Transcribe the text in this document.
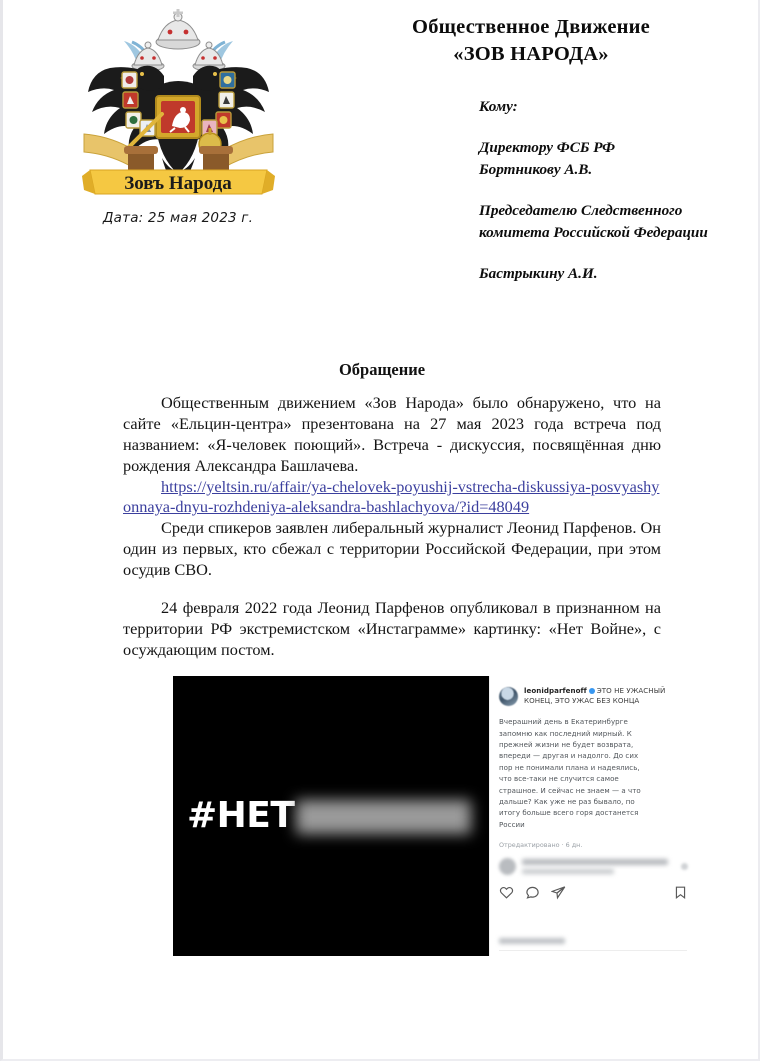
Зовъ Народа
Дата: 25 мая 2023 г.
Общественное Движение
«ЗОВ НАРОДА»
Кому:
Директору ФСБ РФ
Бортникову А.В.
Председателю Следственного
комитета Российской Федерации
Бастрыкину А.И.
Обращение

Общественным движением «Зов Народа» было обнаружено, что на сайте «Ельцин-центра» презентована на 27 мая 2023 года встреча под названием: «Я-человек поющий». Встреча - дискуссия, посвящённая дню рождения Александра Башлачева.

https://yeltsin.ru/affair/ya-chelovek-poyushij-vstrecha-diskussiya-posvyashyonnaya-dnyu-rozhdeniya-aleksandra-bashlachyova/?id=48049

Среди спикеров заявлен либеральный журналист Леонид Парфенов. Он один из первых, кто сбежал с территории Российской Федерации, при этом осудив СВО.

24 февраля 2022 года Леонид Парфенов опубликовал в признанном на территории РФ экстремистском «Инстаграмме» картинку: «Нет Войне», с осуждающим постом.

#НЕТ
leonidparfenoff ЭТО НЕ УЖАСНЫЙ КОНЕЦ, ЭТО УЖАС БЕЗ КОНЦА
Вчерашний день в Екатеринбурге запомню как последний мирный. К прежней жизни не будет возврата, впереди — другая и надолго. До сих пор не понимали плана и надеялись, что все-таки не случится самое страшное. И сейчас не знаем — а что дальше? Как уже не раз бывало, по итогу больше всего горя достанется России
Отредактировано · 6 дн.
